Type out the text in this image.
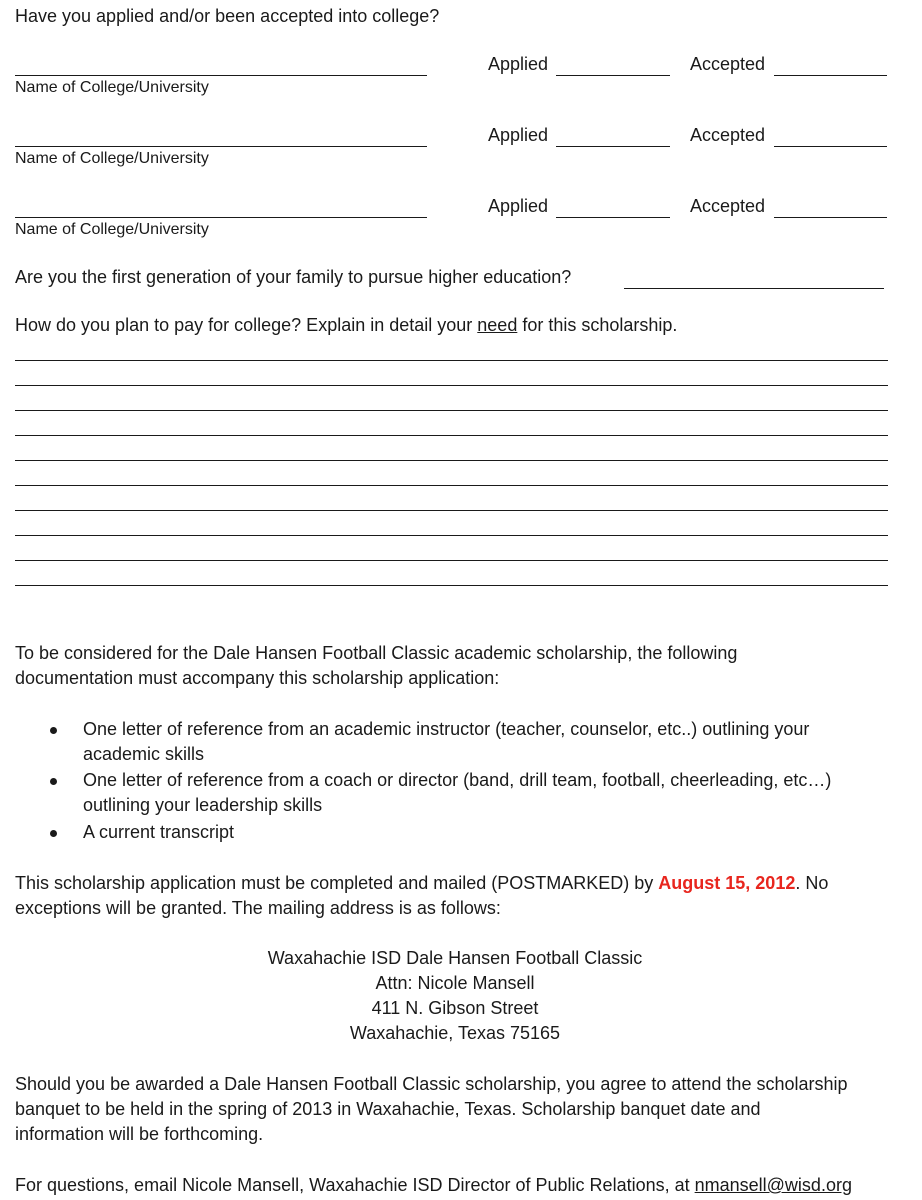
Have you applied and/or been accepted into college?
Applied	Accepted
Name of College/University
Applied	Accepted
Name of College/University
Applied	Accepted
Name of College/University
Are you the first generation of your family to pursue higher education?
How do you plan to pay for college? Explain in detail your need for this scholarship.
To be considered for the Dale Hansen Football Classic academic scholarship, the following
documentation must accompany this scholarship application:
One letter of reference from an academic instructor (teacher, counselor, etc..) outlining your
academic skills
One letter of reference from a coach or director (band, drill team, football, cheerleading, etc…)
outlining your leadership skills
A current transcript
This scholarship application must be completed and mailed (POSTMARKED) by August 15, 2012. No
exceptions will be granted. The mailing address is as follows:
Waxahachie ISD Dale Hansen Football Classic
Attn: Nicole Mansell
411 N. Gibson Street
Waxahachie, Texas 75165
Should you be awarded a Dale Hansen Football Classic scholarship, you agree to attend the scholarship
banquet to be held in the spring of 2013 in Waxahachie, Texas. Scholarship banquet date and
information will be forthcoming.
For questions, email Nicole Mansell, Waxahachie ISD Director of Public Relations, at nmansell@wisd.org
